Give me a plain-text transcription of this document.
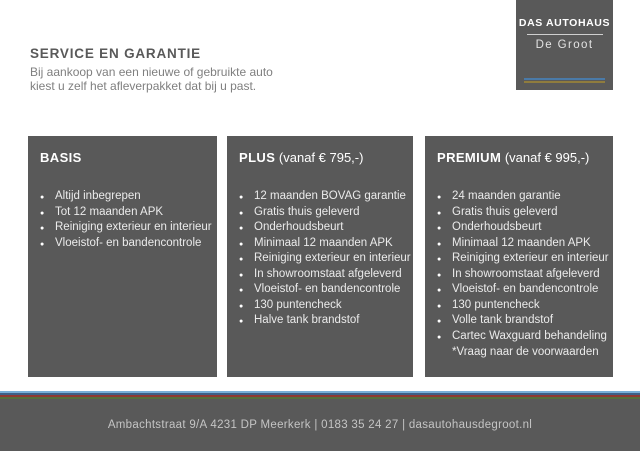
DAS AUTOHAUS
De Groot
SERVICE EN GARANTIE

Bij aankoop van een nieuwe of gebruikte auto

kiest u zelf het afleverpakket dat bij u past.

BASIS
● Altijd inbegrepen
● Tot 12 maanden APK
● Reiniging exterieur en interieur
● Vloeistof- en bandencontrole
PLUS (vanaf € 795,-)
● 12 maanden BOVAG garantie
● Gratis thuis geleverd
● Onderhoudsbeurt
● Minimaal 12 maanden APK
● Reiniging exterieur en interieur
● In showroomstaat afgeleverd
● Vloeistof- en bandencontrole
● 130 puntencheck
● Halve tank brandstof
PREMIUM (vanaf € 995,-)
● 24 maanden garantie
● Gratis thuis geleverd
● Onderhoudsbeurt
● Minimaal 12 maanden APK
● Reiniging exterieur en interieur
● In showroomstaat afgeleverd
● Vloeistof- en bandencontrole
● 130 puntencheck
● Volle tank brandstof
● Cartec Waxguard behandeling

*Vraag naar de voorwaarden

Ambachtstraat 9/A 4231 DP Meerkerk | 0183 35 24 27 | dasautohausdegroot.nl
